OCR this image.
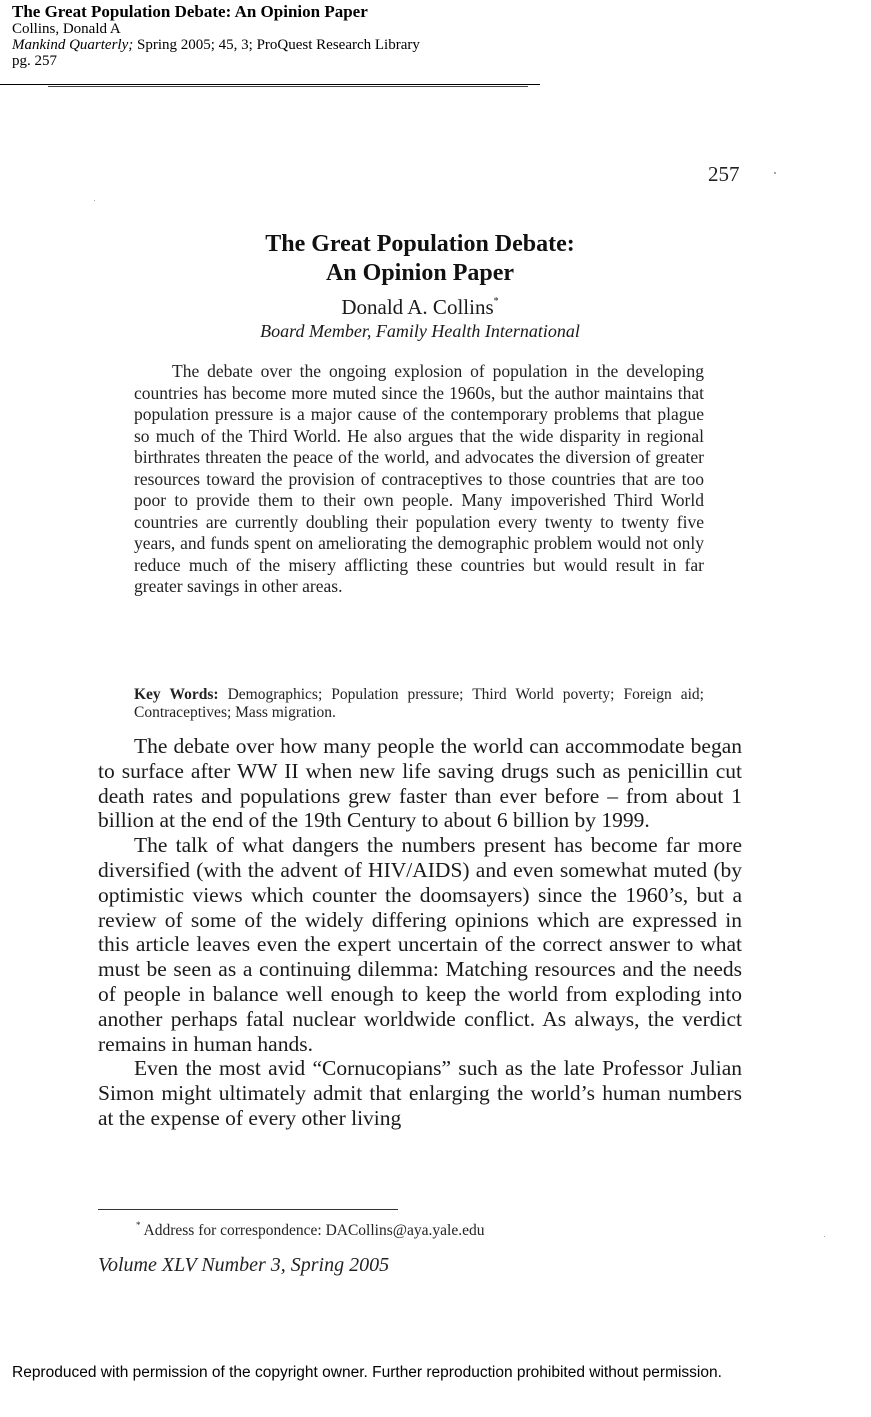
The Great Population Debate: An Opinion Paper
Collins, Donald A
Mankind Quarterly; Spring 2005; 45, 3; ProQuest Research Library
pg. 257
257
The Great Population Debate:
An Opinion Paper
Donald A. Collins*
Board Member, Family Health International
The debate over the ongoing explosion of population in the developing countries has become more muted since the 1960s, but the author maintains that population pressure is a major cause of the contemporary problems that plague so much of the Third World. He also argues that the wide disparity in regional birthrates threaten the peace of the world, and advocates the diversion of greater resources toward the provision of contraceptives to those countries that are too poor to provide them to their own people. Many impoverished Third World countries are currently doubling their population every twenty to twenty five years, and funds spent on ameliorating the demographic problem would not only reduce much of the misery afflicting these countries but would result in far greater savings in other areas.
Key Words: Demographics; Population pressure; Third World poverty; Foreign aid; Contraceptives; Mass migration.

The debate over how many people the world can accommodate began to surface after WW II when new life saving drugs such as penicillin cut death rates and populations grew faster than ever before – from about 1 billion at the end of the 19th Century to about 6 billion by 1999.

The talk of what dangers the numbers present has become far more diversified (with the advent of HIV/AIDS) and even somewhat muted (by optimistic views which counter the doomsayers) since the 1960’s, but a review of some of the widely differing opinions which are expressed in this article leaves even the expert uncertain of the correct answer to what must be seen as a continuing dilemma: Matching resources and the needs of people in balance well enough to keep the world from exploding into another perhaps fatal nuclear worldwide conflict. As always, the verdict remains in human hands.

Even the most avid “Cornucopians” such as the late Professor Julian Simon might ultimately admit that enlarging the world’s human numbers at the expense of every other living

* Address for correspondence: DACollins@aya.yale.edu
Volume XLV Number 3, Spring 2005
Reproduced with permission of the copyright owner. Further reproduction prohibited without permission.
